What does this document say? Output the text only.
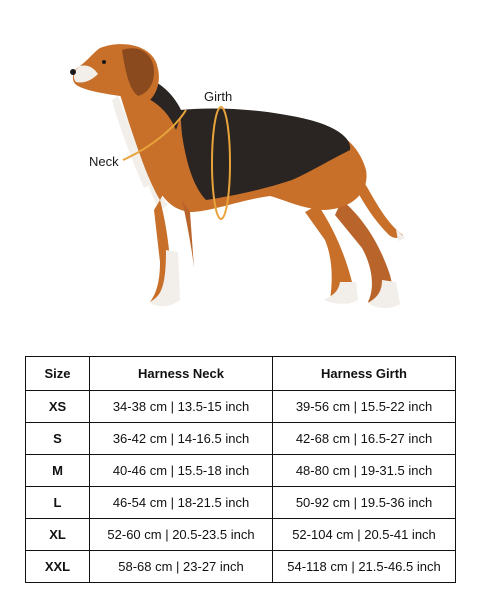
Girth
Neck
Size	Harness Neck	Harness Girth
XS	34-38 cm | 13.5-15 inch	39-56 cm | 15.5-22 inch
S	36-42 cm | 14-16.5 inch	42-68 cm | 16.5-27 inch
M	40-46 cm | 15.5-18 inch	48-80 cm | 19-31.5 inch
L	46-54 cm | 18-21.5 inch	50-92 cm | 19.5-36 inch
XL	52-60 cm | 20.5-23.5 inch	52-104 cm | 20.5-41 inch
XXL	58-68 cm | 23-27 inch	54-118 cm | 21.5-46.5 inch
